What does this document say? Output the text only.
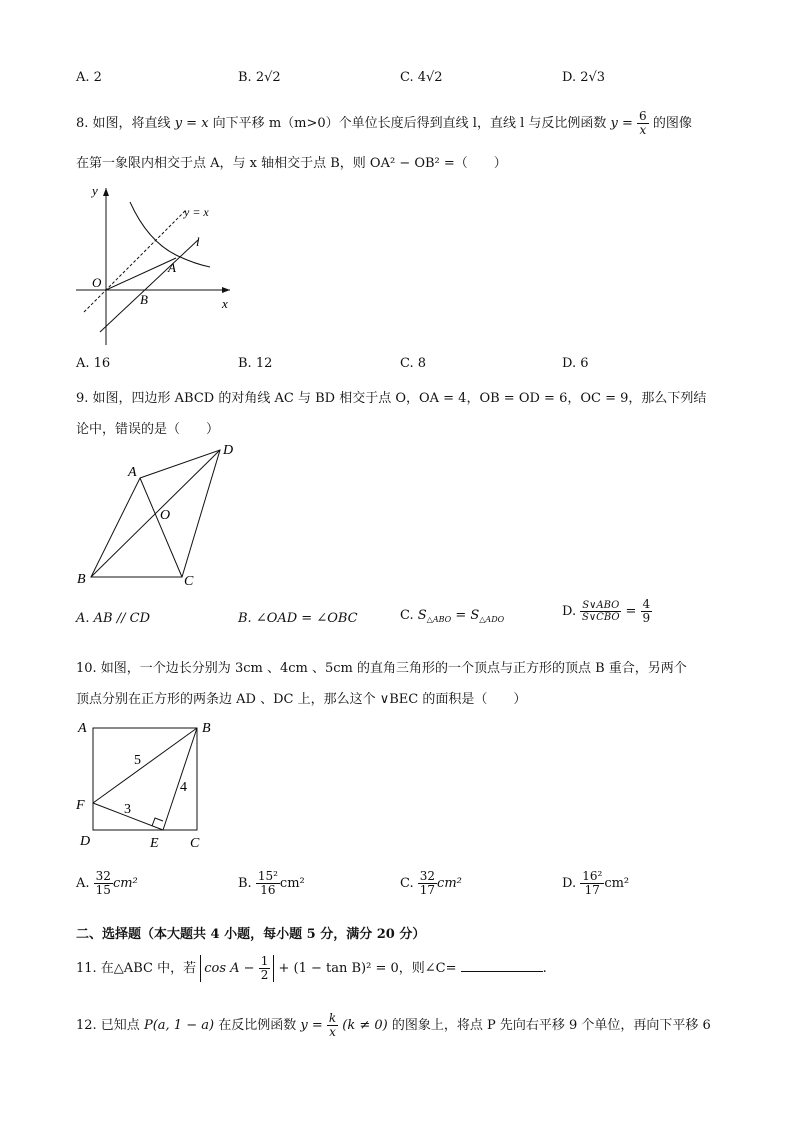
A. 2	B. 2√2	C. 4√2	D. 2√3
8. 如图，将直线 y = x 向下平移 m（m>0）个单位长度后得到直线 l，直线 l 与反比例函数 $y = \frac{6}{x}$ 的图像
在第一象限内相交于点 A，与 x 轴相交于点 B，则 OA² − OB² =（　　）
y
y = x
l
O
A
B	x
A. 16	B. 12	C. 8	D. 6
9. 如图，四边形 ABCD 的对角线 AC 与 BD 相交于点 O，OA = 4，OB = OD = 6，OC = 9，那么下列结
论中，错误的是（　　）
A
D
O
B	C
A. AB // CD	B. ∠OAD = ∠OBC	C. $S_{\triangle ABO} = S_{\triangle ADO}$
D. $\frac{\text{S∨ABO}}{\text{S∨CBO}} = \frac{4}{9}$
10. 如图，一个边长分别为 3cm 、4cm 、5cm 的直角三角形的一个顶点与正方形的顶点 B 重合，另两个
顶点分别在正方形的两条边 AD 、DC 上，那么这个 ∨BEC 的面积是（　　）
A	B
F
D	E C
5
4
3
A. $\frac{32}{15} cm^2$	B. $\frac{\text{15²}}{16} cm^2$	C. $\frac{32}{17} cm^2$	D. $\frac{\text{16²}}{17} cm^2$
二、选择题（本大题共 4 小题，每小题 5 分，满分 20 分）
11. 在△ABC 中，若 $\cos A - \frac{1}{2} + (1 - \tan B)^2 = 0$，则∠C=	.
12. 已知点 P(a, 1 − a) 在反比例函数 $y = \frac{k}{x} (k \ne 0)$ 的图象上，将点 P 先向右平移 9 个单位，再向下平移 6
